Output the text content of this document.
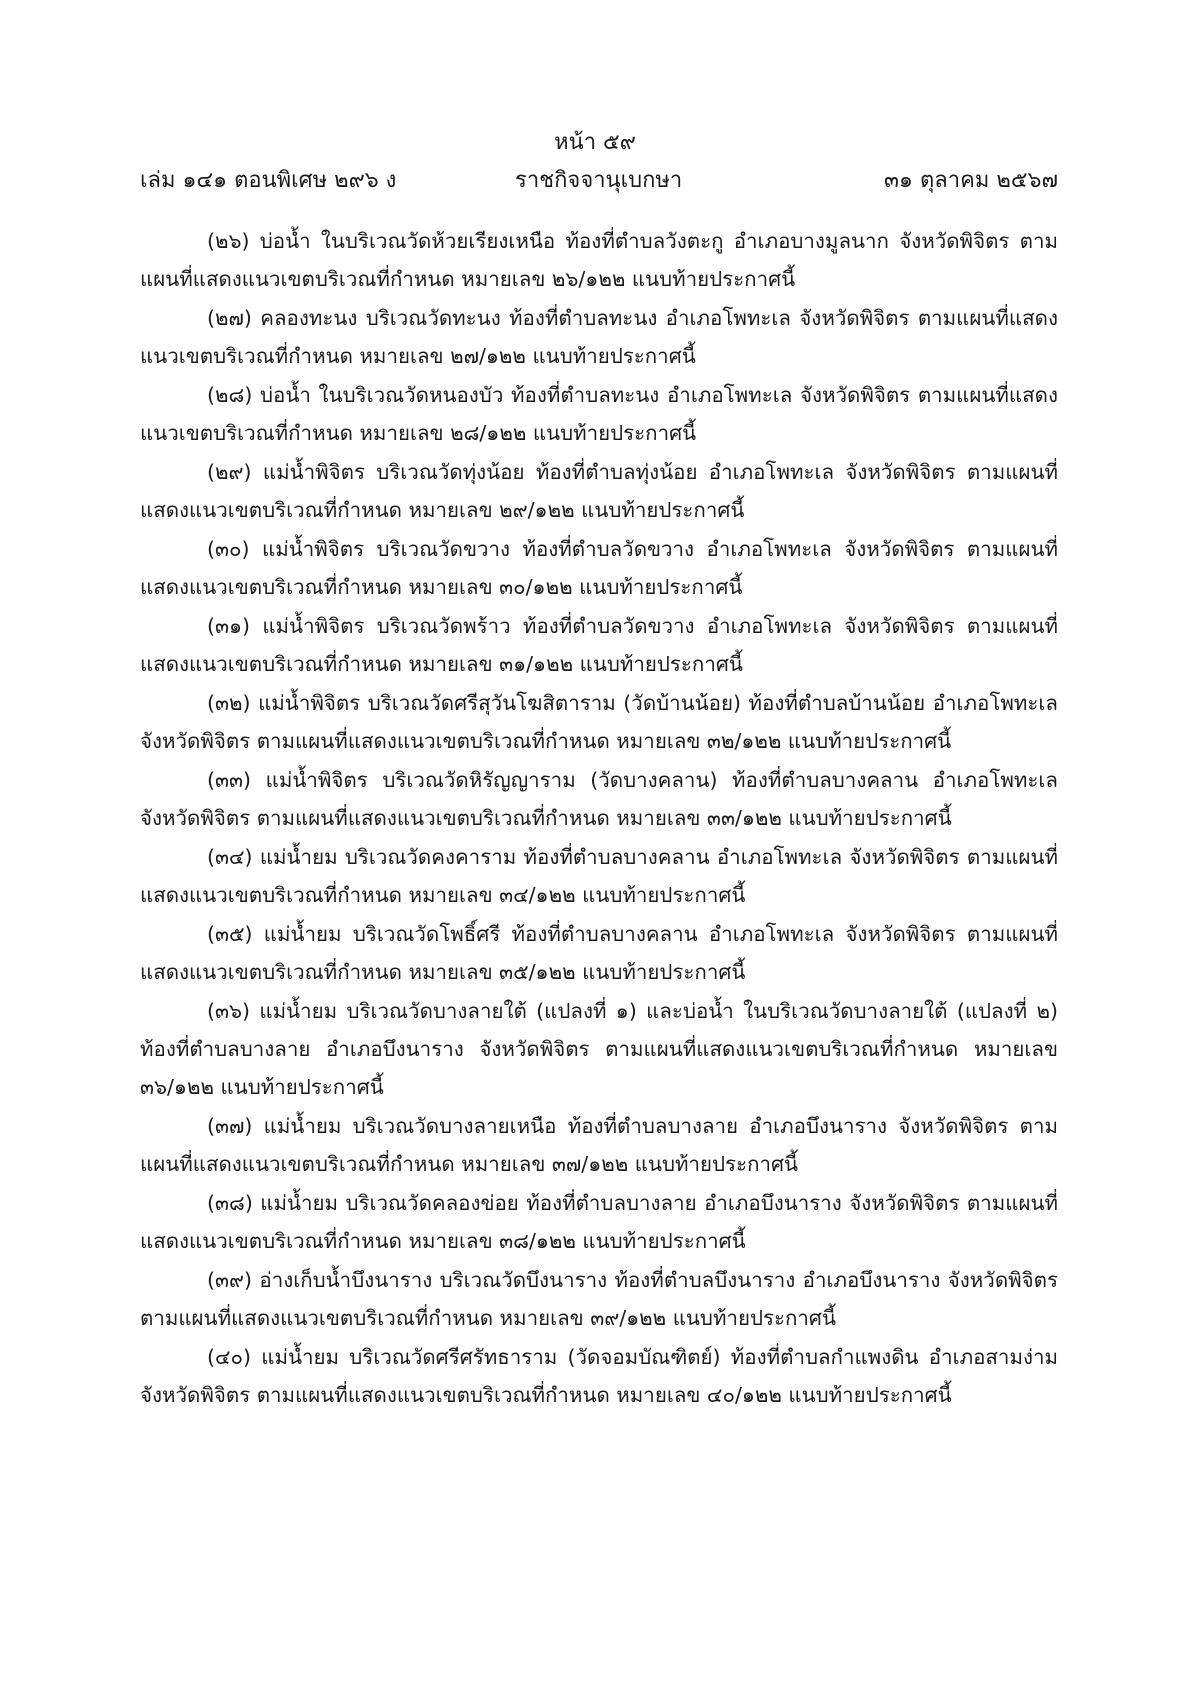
หน้า ๕๙
เล่ม ๑๔๑ ตอนพิเศษ ๒๙๖ ง	ราชกิจจานุเบกษา	๓๑ ตุลาคม ๒๕๖๗

(๒๖) บ่อน้ำ ในบริเวณวัดห้วยเรียงเหนือ ท้องที่ตำบลวังตะกู อำเภอบางมูลนาก จังหวัดพิจิตร ตามแผนที่แสดงแนวเขตบริเวณที่กำหนด หมายเลข ๒๖/๑๒๒ แนบท้ายประกาศนี้

(๒๗) คลองทะนง บริเวณวัดทะนง ท้องที่ตำบลทะนง อำเภอโพทะเล จังหวัดพิจิตร ตามแผนที่แสดงแนวเขตบริเวณที่กำหนด หมายเลข ๒๗/๑๒๒ แนบท้ายประกาศนี้

(๒๘) บ่อน้ำ ในบริเวณวัดหนองบัว ท้องที่ตำบลทะนง อำเภอโพทะเล จังหวัดพิจิตร ตามแผนที่แสดงแนวเขตบริเวณที่กำหนด หมายเลข ๒๘/๑๒๒ แนบท้ายประกาศนี้

(๒๙) แม่น้ำพิจิตร บริเวณวัดทุ่งน้อย ท้องที่ตำบลทุ่งน้อย อำเภอโพทะเล จังหวัดพิจิตร ตามแผนที่แสดงแนวเขตบริเวณที่กำหนด หมายเลข ๒๙/๑๒๒ แนบท้ายประกาศนี้

(๓๐) แม่น้ำพิจิตร บริเวณวัดขวาง ท้องที่ตำบลวัดขวาง อำเภอโพทะเล จังหวัดพิจิตร ตามแผนที่แสดงแนวเขตบริเวณที่กำหนด หมายเลข ๓๐/๑๒๒ แนบท้ายประกาศนี้

(๓๑) แม่น้ำพิจิตร บริเวณวัดพร้าว ท้องที่ตำบลวัดขวาง อำเภอโพทะเล จังหวัดพิจิตร ตามแผนที่แสดงแนวเขตบริเวณที่กำหนด หมายเลข ๓๑/๑๒๒ แนบท้ายประกาศนี้

(๓๒) แม่น้ำพิจิตร บริเวณวัดศรีสุวันโฆสิตาราม (วัดบ้านน้อย) ท้องที่ตำบลบ้านน้อย อำเภอโพทะเล จังหวัดพิจิตร ตามแผนที่แสดงแนวเขตบริเวณที่กำหนด หมายเลข ๓๒/๑๒๒ แนบท้ายประกาศนี้

(๓๓) แม่น้ำพิจิตร บริเวณวัดหิรัญญาราม (วัดบางคลาน) ท้องที่ตำบลบางคลาน อำเภอโพทะเล จังหวัดพิจิตร ตามแผนที่แสดงแนวเขตบริเวณที่กำหนด หมายเลข ๓๓/๑๒๒ แนบท้ายประกาศนี้

(๓๔) แม่น้ำยม บริเวณวัดคงคาราม ท้องที่ตำบลบางคลาน อำเภอโพทะเล จังหวัดพิจิตร ตามแผนที่แสดงแนวเขตบริเวณที่กำหนด หมายเลข ๓๔/๑๒๒ แนบท้ายประกาศนี้

(๓๕) แม่น้ำยม บริเวณวัดโพธิ์ศรี ท้องที่ตำบลบางคลาน อำเภอโพทะเล จังหวัดพิจิตร ตามแผนที่แสดงแนวเขตบริเวณที่กำหนด หมายเลข ๓๕/๑๒๒ แนบท้ายประกาศนี้

(๓๖) แม่น้ำยม บริเวณวัดบางลายใต้ (แปลงที่ ๑) และบ่อน้ำ ในบริเวณวัดบางลายใต้ (แปลงที่ ๒) ท้องที่ตำบลบางลาย อำเภอบึงนาราง จังหวัดพิจิตร ตามแผนที่แสดงแนวเขตบริเวณที่กำหนด หมายเลข ๓๖/๑๒๒ แนบท้ายประกาศนี้

(๓๗) แม่น้ำยม บริเวณวัดบางลายเหนือ ท้องที่ตำบลบางลาย อำเภอบึงนาราง จังหวัดพิจิตร ตามแผนที่แสดงแนวเขตบริเวณที่กำหนด หมายเลข ๓๗/๑๒๒ แนบท้ายประกาศนี้

(๓๘) แม่น้ำยม บริเวณวัดคลองข่อย ท้องที่ตำบลบางลาย อำเภอบึงนาราง จังหวัดพิจิตร ตามแผนที่แสดงแนวเขตบริเวณที่กำหนด หมายเลข ๓๘/๑๒๒ แนบท้ายประกาศนี้

(๓๙) อ่างเก็บน้ำบึงนาราง บริเวณวัดบึงนาราง ท้องที่ตำบลบึงนาราง อำเภอบึงนาราง จังหวัดพิจิตร ตามแผนที่แสดงแนวเขตบริเวณที่กำหนด หมายเลข ๓๙/๑๒๒ แนบท้ายประกาศนี้

(๔๐) แม่น้ำยม บริเวณวัดศรีศรัทธาราม (วัดจอมบัณฑิตย์) ท้องที่ตำบลกำแพงดิน อำเภอสามง่าม จังหวัดพิจิตร ตามแผนที่แสดงแนวเขตบริเวณที่กำหนด หมายเลข ๔๐/๑๒๒ แนบท้ายประกาศนี้
